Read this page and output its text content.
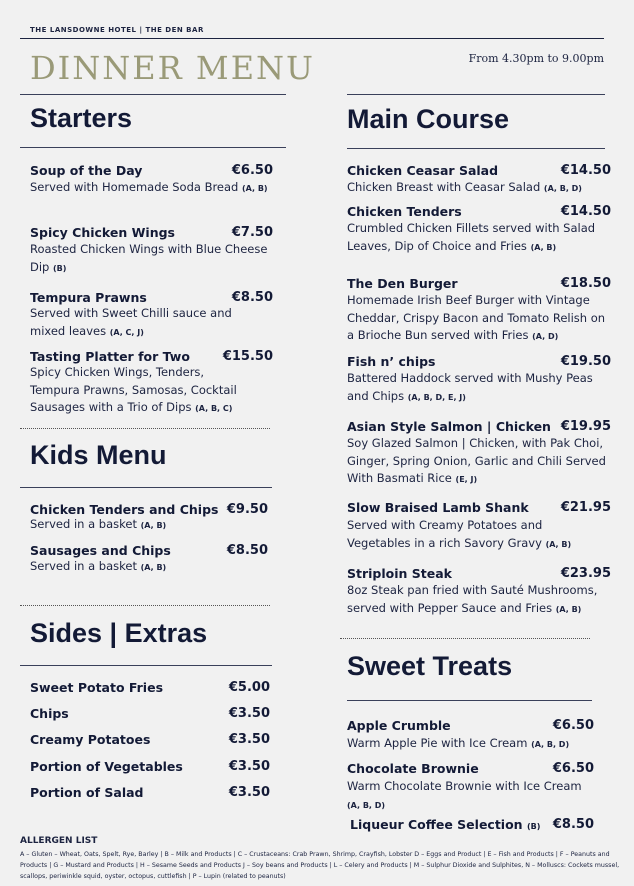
THE LANSDOWNE HOTEL | THE DEN BAR
DINNER MENU	From 4.30pm to 9.00pm
Starters
Soup of the Day	€6.50
Served with Homemade Soda Bread (A, B)
Spicy Chicken Wings	€7.50
Roasted Chicken Wings with Blue Cheese Dip (B)
Tempura Prawns	€8.50
Served with Sweet Chilli sauce and mixed leaves (A, C, J)
Tasting Platter for Two	€15.50
Spicy Chicken Wings, Tenders, Tempura Prawns, Samosas, Cocktail Sausages with a Trio of Dips (A, B, C)
Kids Menu
Chicken Tenders and Chips €9.50
Served in a basket (A, B)
Sausages and Chips	€8.50
Served in a basket (A, B)
Sides | Extras
Sweet Potato Fries	€5.00
Chips	€3.50
Creamy Potatoes	€3.50
Portion of Vegetables	€3.50
Portion of Salad	€3.50
Main Course
Chicken Ceasar Salad	€14.50
Chicken Breast with Ceasar Salad (A, B, D)
Chicken Tenders	€14.50
Crumbled Chicken Fillets served with Salad Leaves, Dip of Choice and Fries (A, B)
The Den Burger	€18.50
Homemade Irish Beef Burger with Vintage Cheddar, Crispy Bacon and Tomato Relish on a Brioche Bun served with Fries (A, D)
Fish n’ chips	€19.50
Battered Haddock served with Mushy Peas and Chips (A, B, D, E, J)
Asian Style Salmon | Chicken €19.95
Soy Glazed Salmon | Chicken, with Pak Choi, Ginger, Spring Onion, Garlic and Chili Served With Basmati Rice (E, J)
Slow Braised Lamb Shank €21.95
Served with Creamy Potatoes and Vegetables in a rich Savory Gravy (A, B)
Striploin Steak	€23.95
8oz Steak pan fried with Sauté Mushrooms, served with Pepper Sauce and Fries (A, B)
Sweet Treats
Apple Crumble	€6.50
Warm Apple Pie with Ice Cream (A, B, D)
Chocolate Brownie	€6.50
Warm Chocolate Brownie with Ice Cream (A, B, D)
Liqueur Coffee Selection (B) €8.50
ALLERGEN LIST
A – Gluten – Wheat, Oats, Spelt, Rye, Barley | B – Milk and Products | C – Crustaceans: Crab Prawn, Shrimp, Crayfish, Lobster D – Eggs and Product | E – Fish and Products | F – Peanuts and Products | G – Mustard and Products | H – Sesame Seeds and Products J – Soy beans and Products | L – Celery and Products | M – Sulphur Dioxide and Sulphites, N – Molluscs: Cockets mussel, scallops, periwinkle squid, oyster, octopus, cuttlefish | P – Lupin (related to peanuts)
